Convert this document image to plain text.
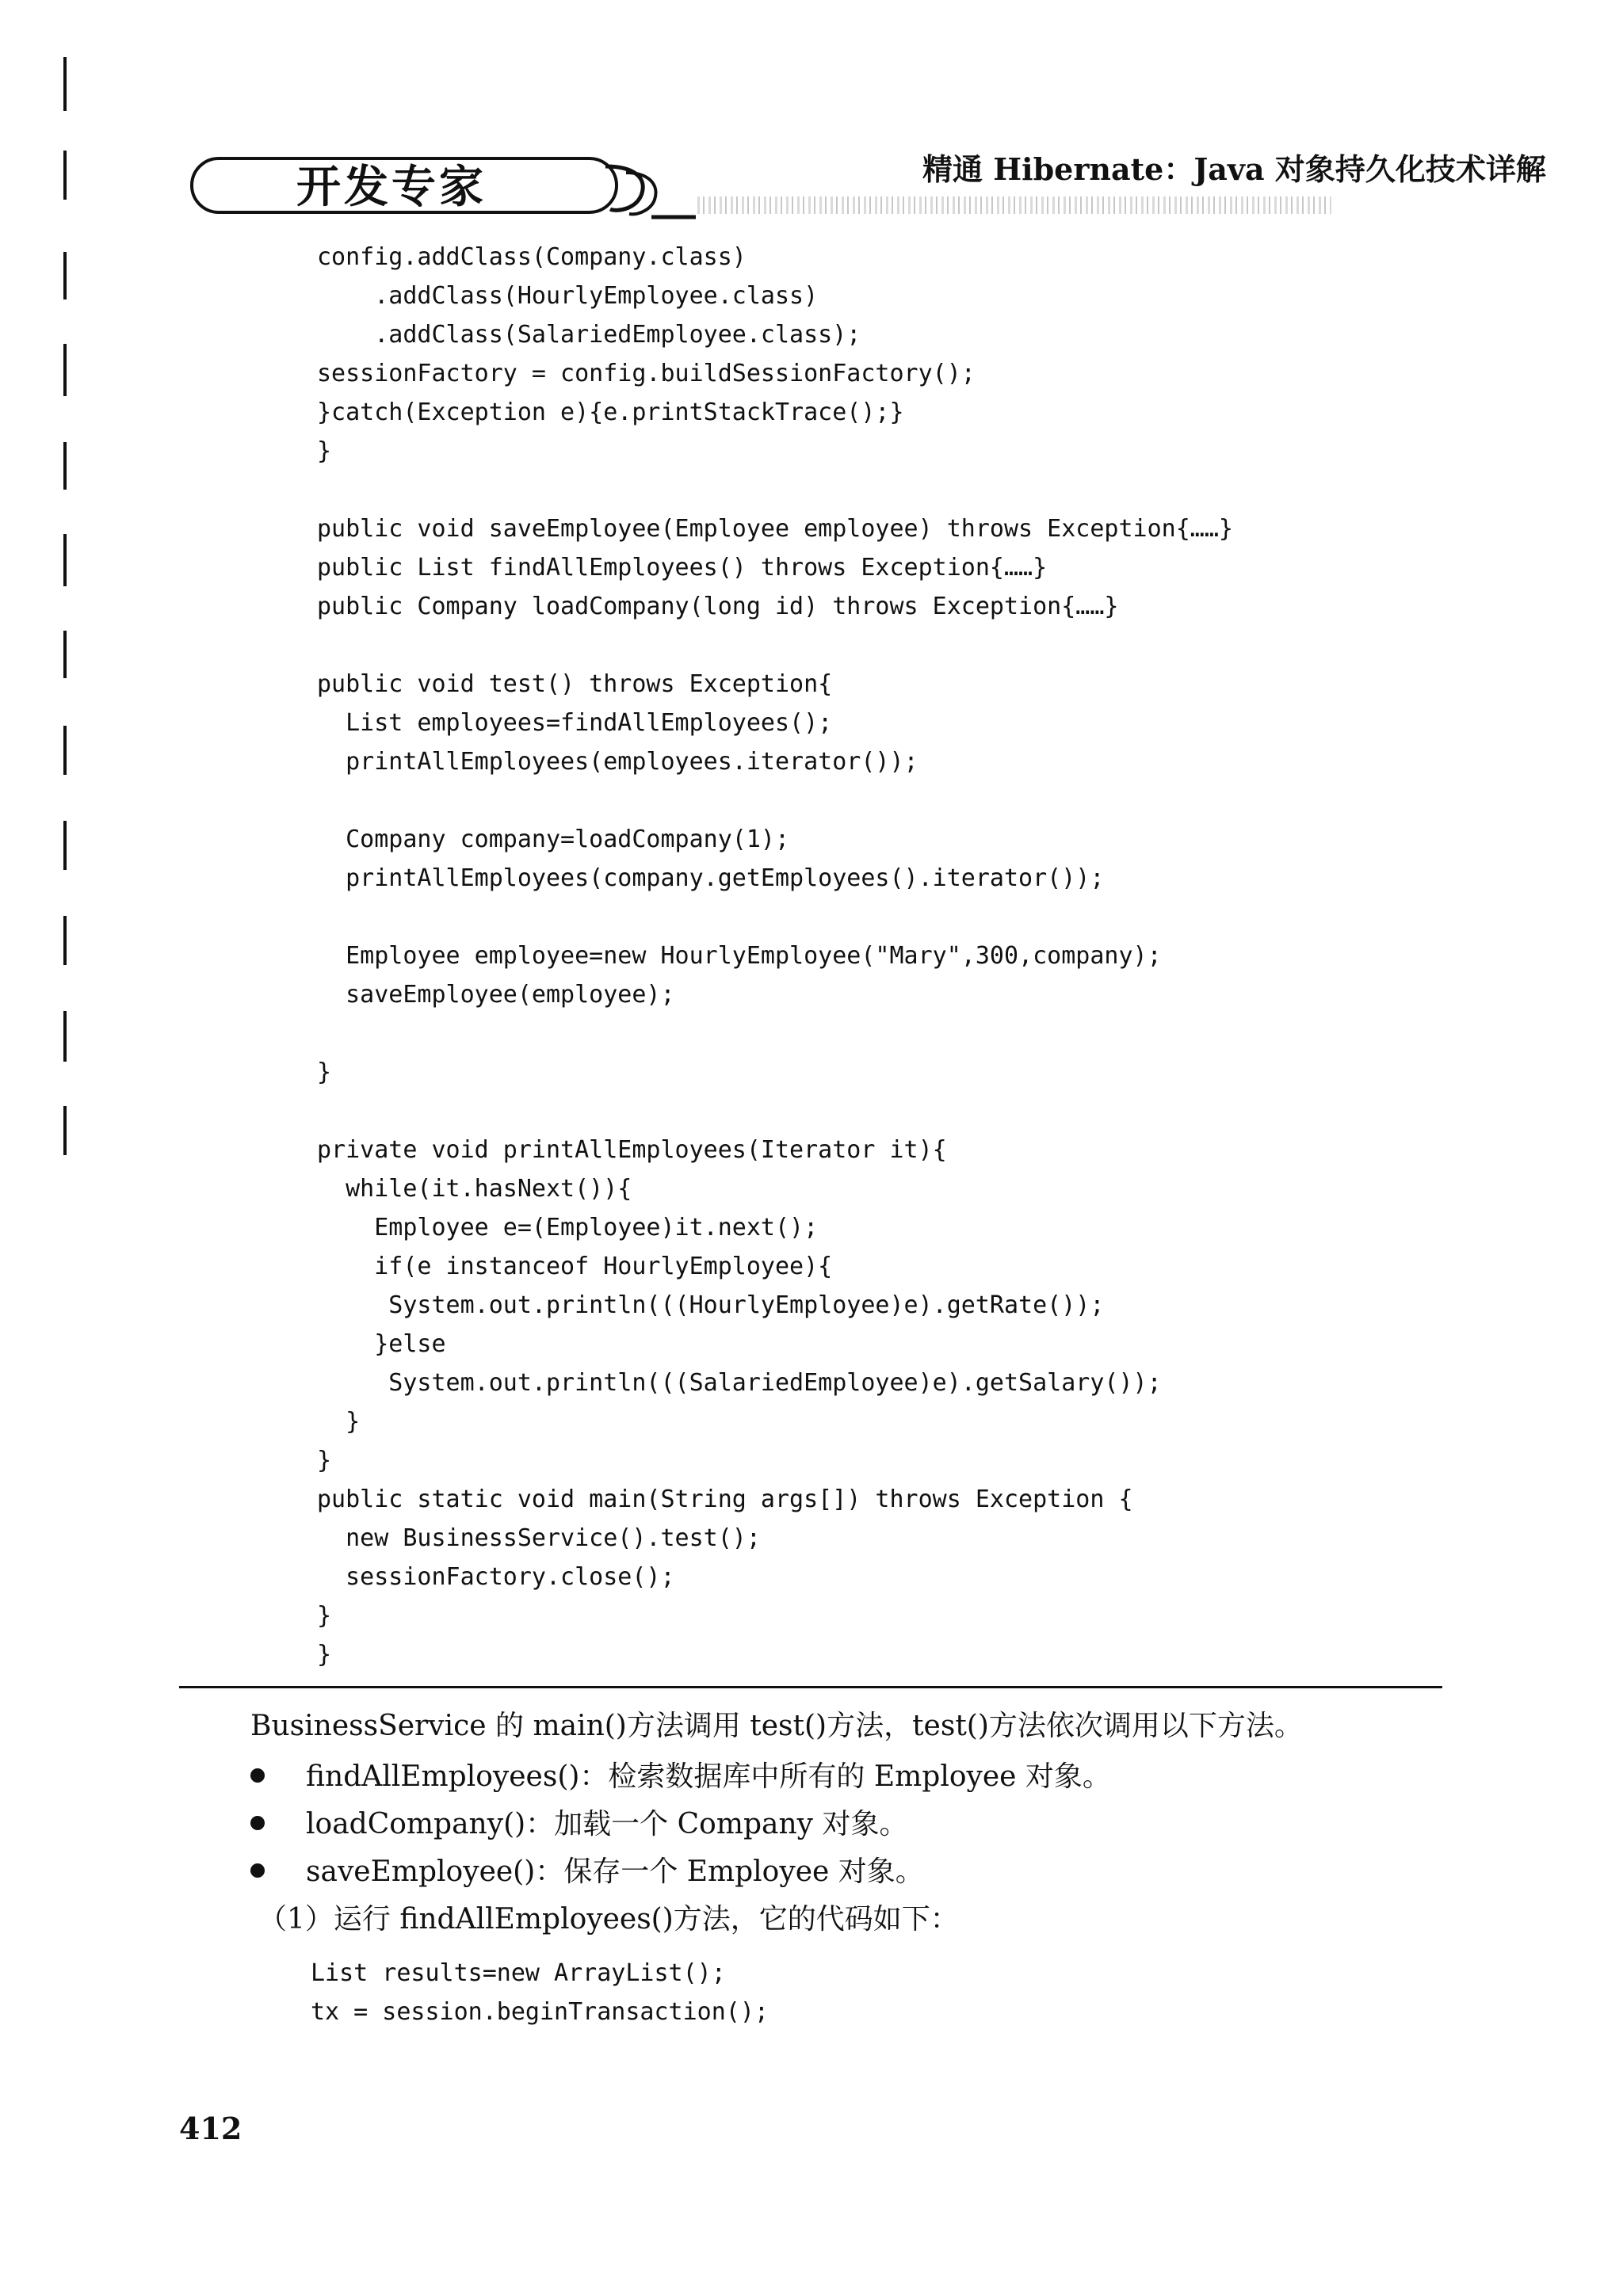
开发专家	精通 Hibernate：Java 对象持久化技术详解
config.addClass(Company.class)
.addClass(HourlyEmployee.class)
.addClass(SalariedEmployee.class);
sessionFactory = config.buildSessionFactory();
}catch(Exception e){e.printStackTrace();}
}
public void saveEmployee(Employee employee) throws Exception{……}
public List findAllEmployees() throws Exception{……}
public Company loadCompany(long id) throws Exception{……}
public void test() throws Exception{
List employees=findAllEmployees();
printAllEmployees(employees.iterator());
Company company=loadCompany(1);
printAllEmployees(company.getEmployees().iterator());
Employee employee=new HourlyEmployee("Mary",300,company);
saveEmployee(employee);
}
private void printAllEmployees(Iterator it){
while(it.hasNext()){
Employee e=(Employee)it.next();
if(e instanceof HourlyEmployee){
System.out.println(((HourlyEmployee)e).getRate());
}else
System.out.println(((SalariedEmployee)e).getSalary());
}
}
public static void main(String args[]) throws Exception {
new BusinessService().test();
sessionFactory.close();
}
}
BusinessService 的 main()方法调用 test()方法，test()方法依次调用以下方法。
findAllEmployees()：检索数据库中所有的 Employee 对象。
loadCompany()：加载一个 Company 对象。
saveEmployee()：保存一个 Employee 对象。
（1）运行 findAllEmployees()方法，它的代码如下：
List results=new ArrayList();
tx = session.beginTransaction();
412
